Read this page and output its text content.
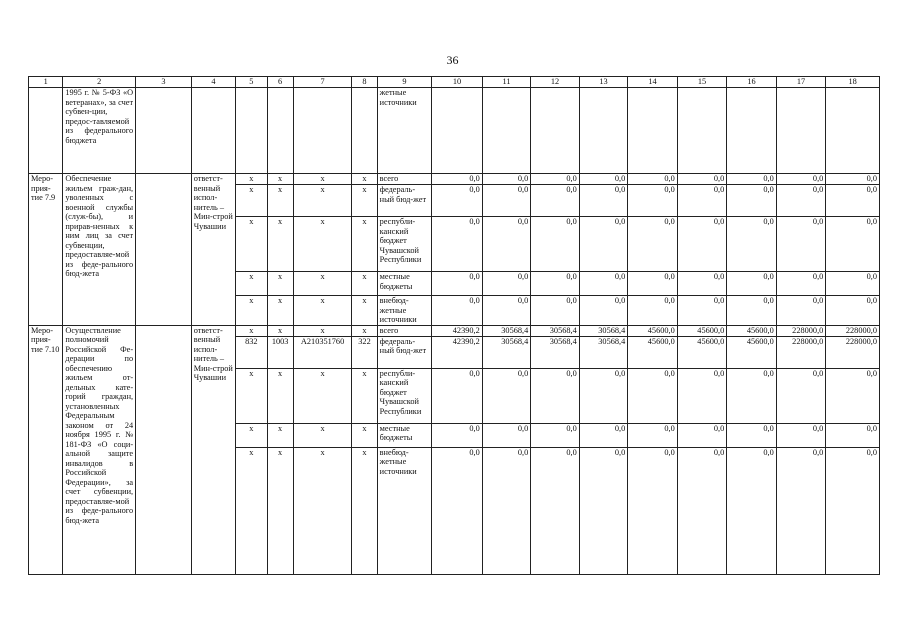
36
1	2	3	4	5	6	7	8	9	10	11	12	13	14	15	16	17	18
	1995 г. № 5-ФЗ «О ветеранах», за счет субвен-ции, предос-тавляемой из федерального бюджета							жетные источники									
Меро-прия-тие 7.9	Обеспечение жильем граж-дан, уволенных с военной службы (служ-бы), и прирав-ненных к ним лиц за счет субвенции, предоставляе-мой из феде-рального бюд-жета		ответст-венный испол-нитель – Мин-строй Чувашии	x	x	x	x	всего	0,0	0,0	0,0	0,0	0,0	0,0	0,0	0,0	0,0
				x	x	x	x	федераль-ный бюд-жет	0,0	0,0	0,0	0,0	0,0	0,0	0,0	0,0	0,0
				x	x	x	x	республи-канский бюджет Чувашской Республики	0,0	0,0	0,0	0,0	0,0	0,0	0,0	0,0	0,0
				x	x	x	x	местные бюджеты	0,0	0,0	0,0	0,0	0,0	0,0	0,0	0,0	0,0
				x	x	x	x	внебюд-жетные источники	0,0	0,0	0,0	0,0	0,0	0,0	0,0	0,0	0,0
Меро-прия-тие 7.10	Осуществление полномочий Российской Фе-дерации по обеспечению жильем от-дельных кате-горий граждан, установленных Федеральным законом от 24 ноября 1995 г. № 181-ФЗ «О соци-альной защите инвалидов в Российской Федерации», за счет субвенции, предоставляе-мой из феде-рального бюд-жета		ответст-венный испол-нитель – Мин-строй Чувашии	x	x	x	x	всего	42390,2	30568,4	30568,4	30568,4	45600,0	45600,0	45600,0	228000,0	228000,0
				832	1003	А210351760	322	федераль-ный бюд-жет	42390,2	30568,4	30568,4	30568,4	45600,0	45600,0	45600,0	228000,0	228000,0
				x	x	x	x	республи-канский бюджет Чувашской Республики	0,0	0,0	0,0	0,0	0,0	0,0	0,0	0,0	0,0
				x	x	x	x	местные бюджеты	0,0	0,0	0,0	0,0	0,0	0,0	0,0	0,0	0,0
				x	x	x	x	внебюд-жетные источники	0,0	0,0	0,0	0,0	0,0	0,0	0,0	0,0	0,0
